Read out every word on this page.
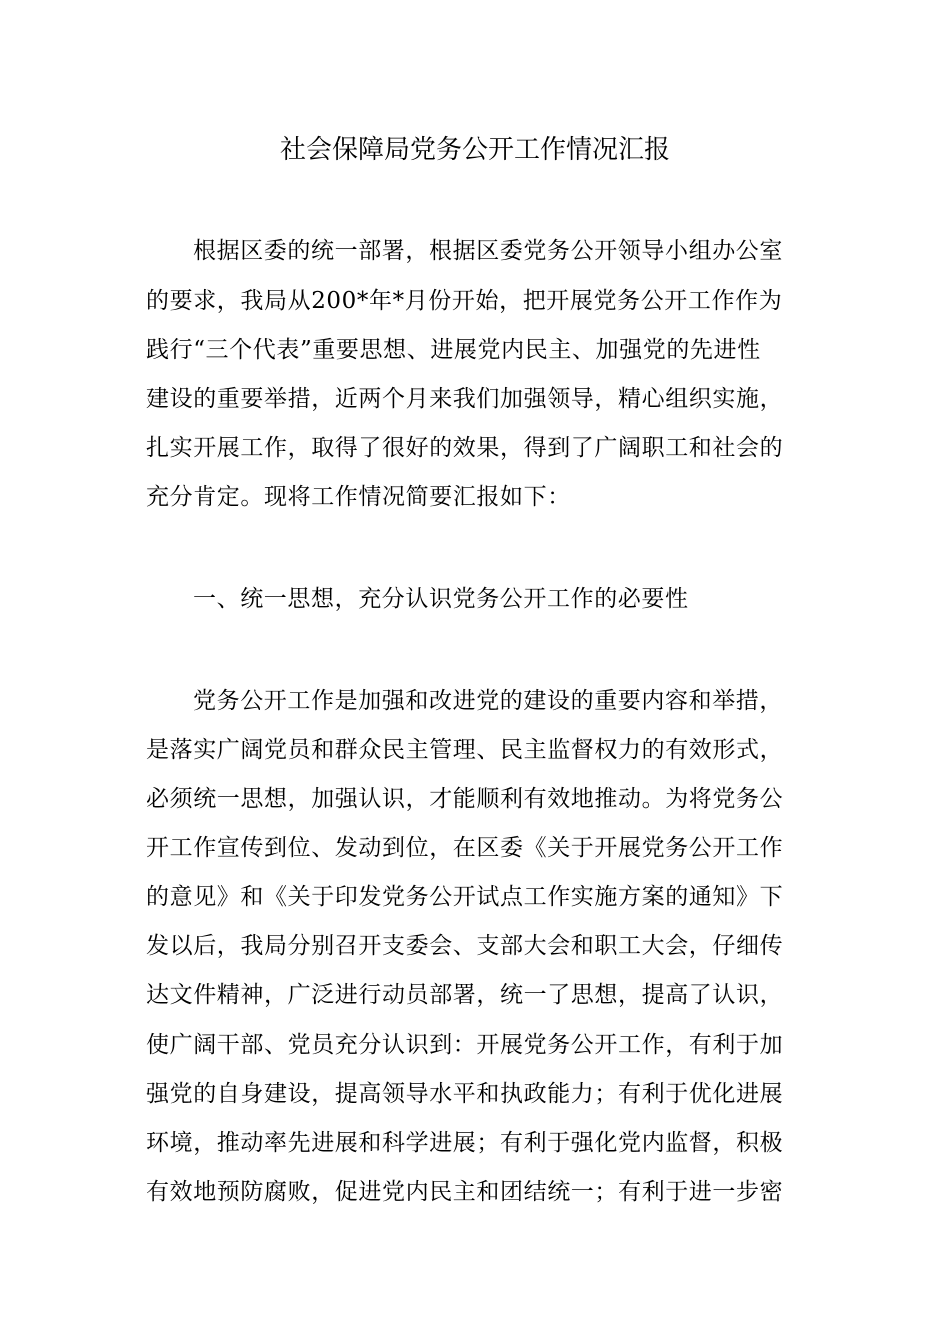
社会保障局党务公开工作情况汇报
根据区委的统一部署，根据区委党务公开领导小组办公室
的要求，我局从200*年*月份开始，把开展党务公开工作作为
践行“三个代表”重要思想、进展党内民主、加强党的先进性
建设的重要举措，近两个月来我们加强领导，精心组织实施，
扎实开展工作，取得了很好的效果，得到了广阔职工和社会的
充分肯定。现将工作情况简要汇报如下：
一、统一思想，充分认识党务公开工作的必要性
党务公开工作是加强和改进党的建设的重要内容和举措，
是落实广阔党员和群众民主管理、民主监督权力的有效形式，
必须统一思想，加强认识，才能顺利有效地推动。为将党务公
开工作宣传到位、发动到位，在区委《关于开展党务公开工作
的意见》和《关于印发党务公开试点工作实施方案的通知》下
发以后，我局分别召开支委会、支部大会和职工大会，仔细传
达文件精神，广泛进行动员部署，统一了思想，提高了认识，
使广阔干部、党员充分认识到：开展党务公开工作，有利于加
强党的自身建设，提高领导水平和执政能力；有利于优化进展
环境，推动率先进展和科学进展；有利于强化党内监督，积极
有效地预防腐败，促进党内民主和团结统一；有利于进一步密
